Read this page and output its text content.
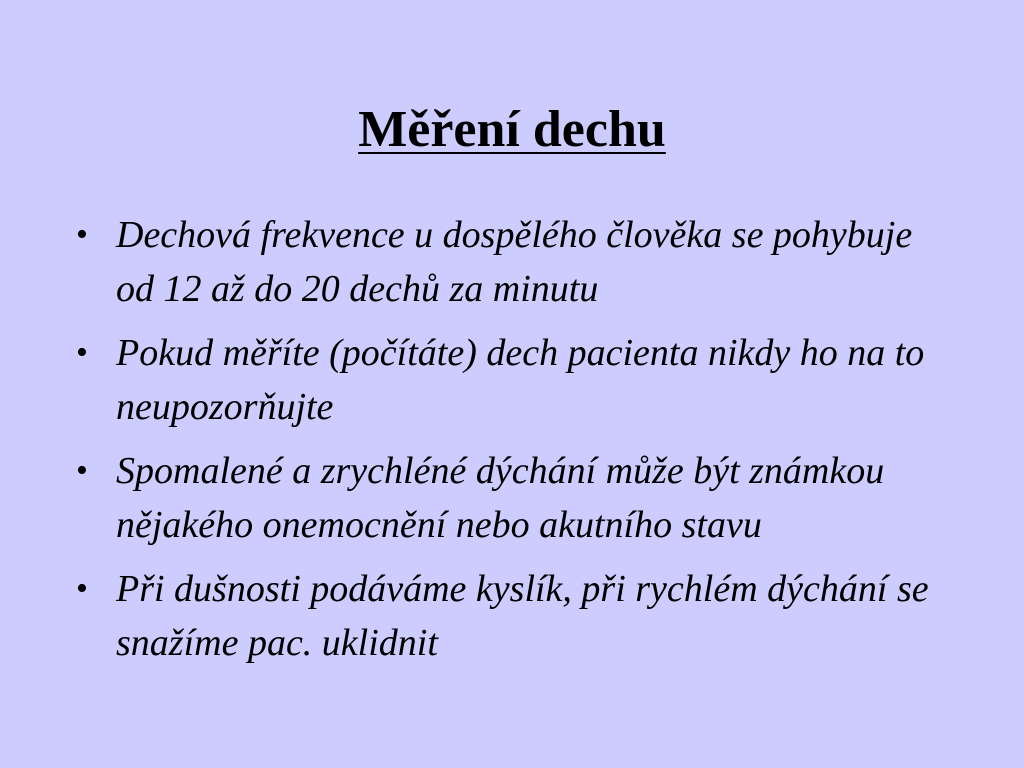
Měření dechu
• Dechová frekvence u dospělého člověka se pohybuje od 12 až do 20 dechů za minutu
• Pokud měříte (počítáte) dech pacienta nikdy ho na to neupozorňujte
• Spomalené a zrychléné dýchání může být známkou nějakého onemocnění nebo akutního stavu
• Při dušnosti podáváme kyslík, při rychlém dýchání se snažíme pac. uklidnit
